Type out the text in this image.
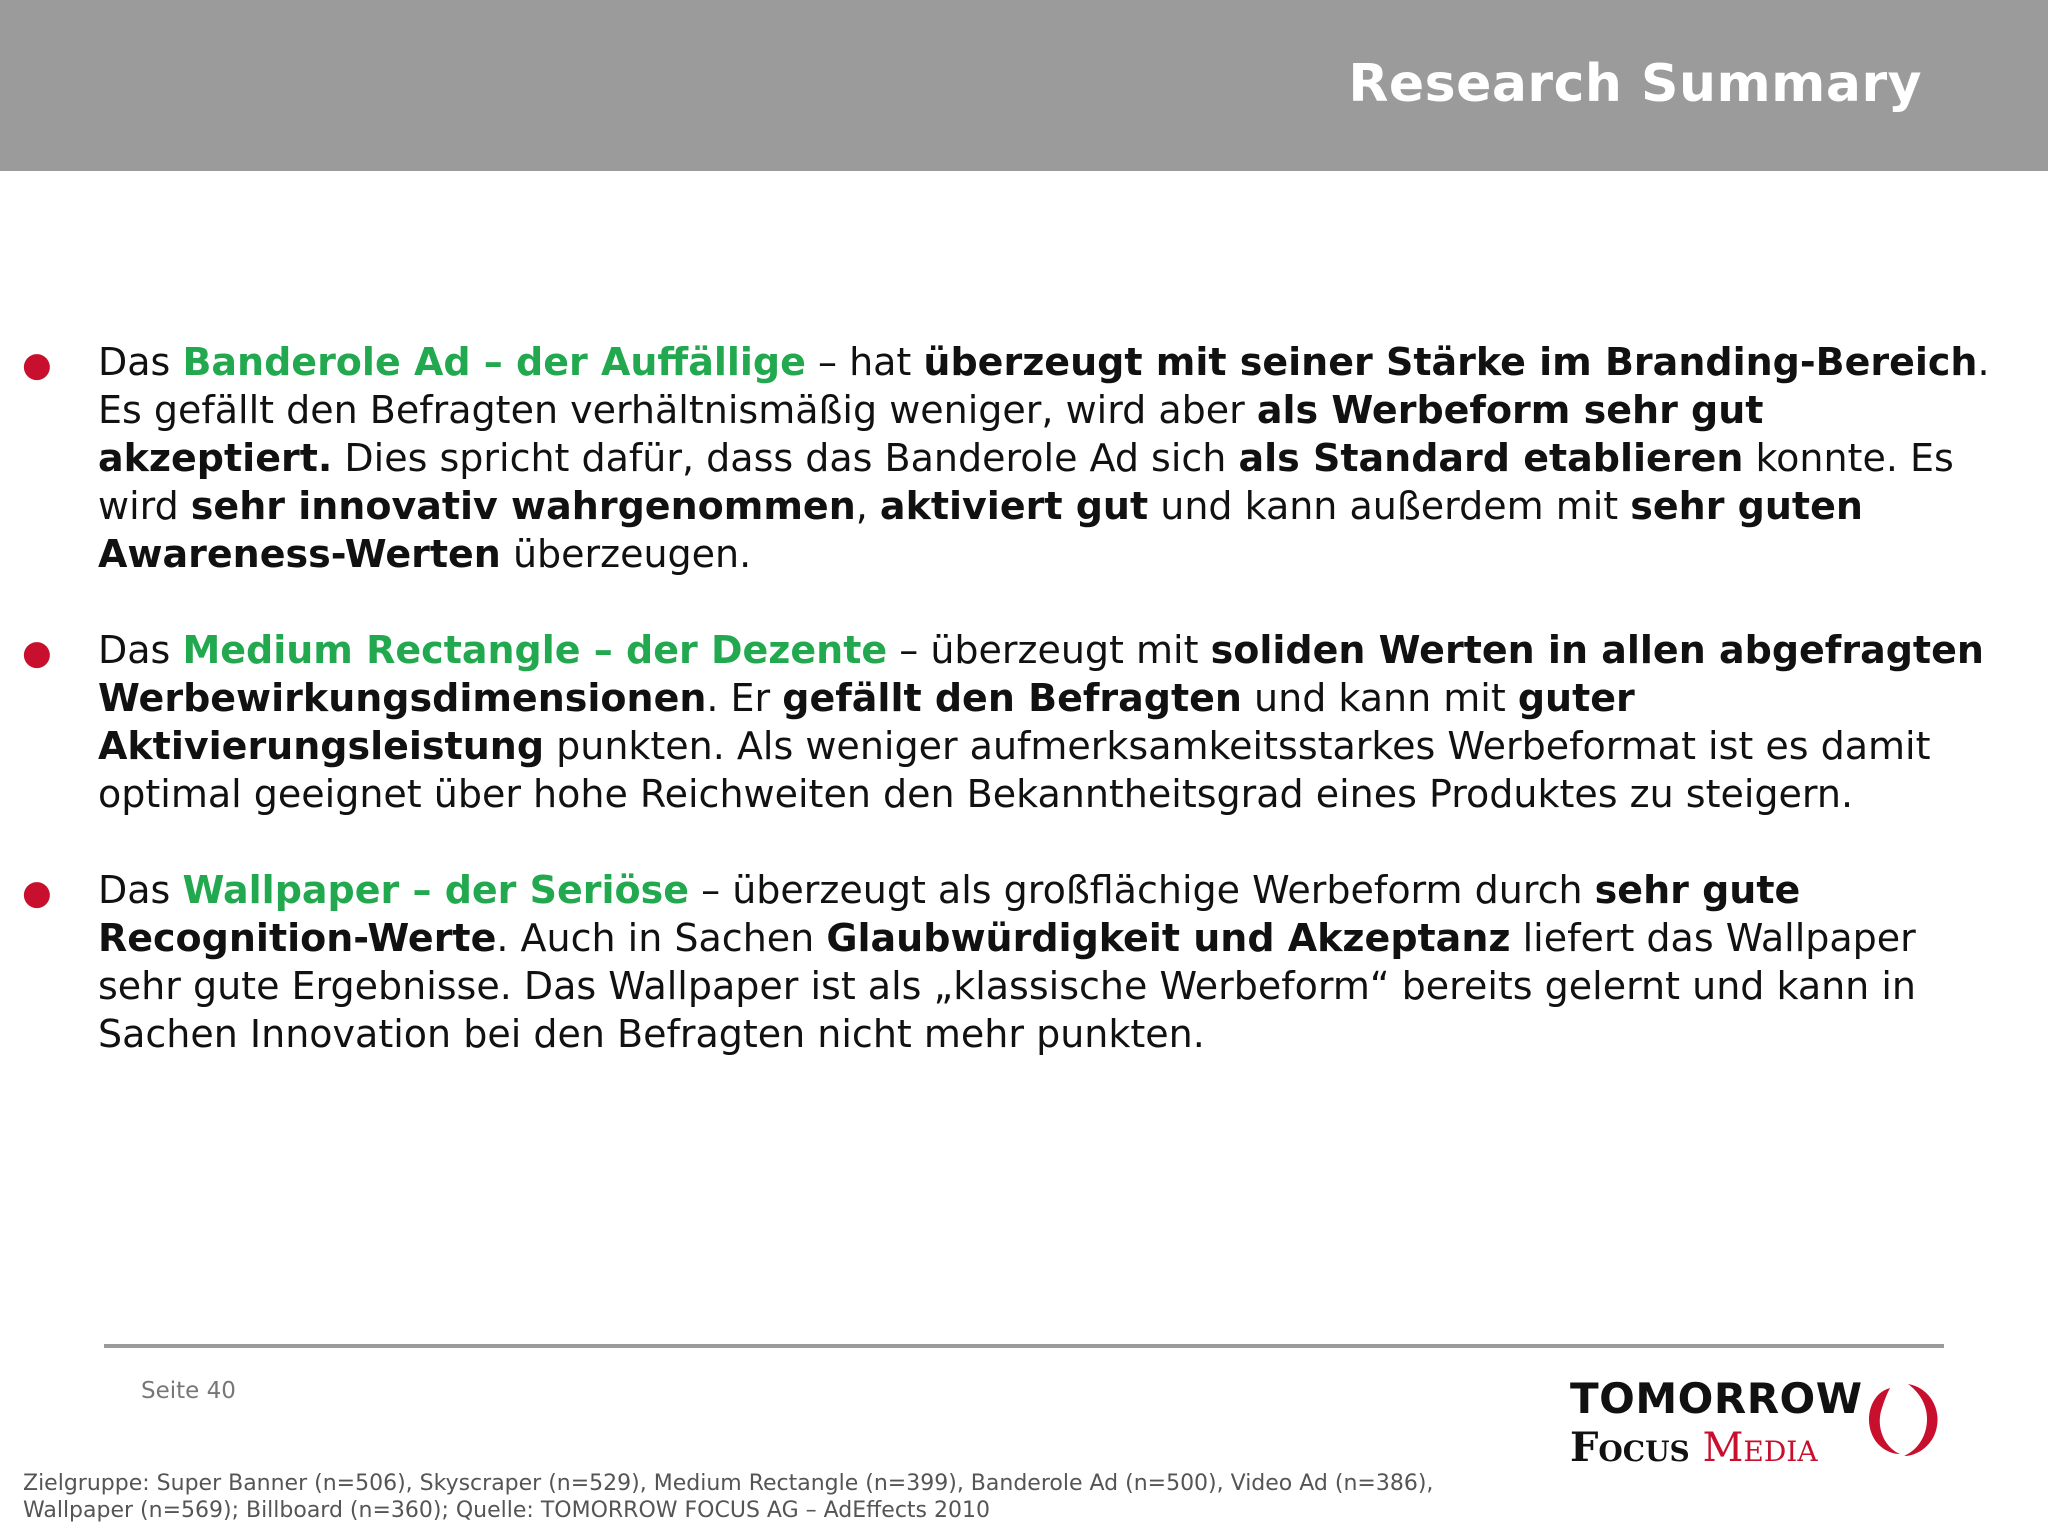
Research Summary
● Das Banderole Ad – der Auffällige – hat überzeugt mit seiner Stärke im Branding-Bereich. Es gefällt den Befragten verhältnismäßig weniger, wird aber als Werbeform sehr gut akzeptiert. Dies spricht dafür, dass das Banderole Ad sich als Standard etablieren konnte. Es wird sehr innovativ wahrgenommen, aktiviert gut und kann außerdem mit sehr guten Awareness-Werten überzeugen.
● Das Medium Rectangle – der Dezente – überzeugt mit soliden Werten in allen abgefragten Werbewirkungsdimensionen. Er gefällt den Befragten und kann mit guter Aktivierungsleistung punkten. Als weniger aufmerksamkeitsstarkes Werbeformat ist es damit optimal geeignet über hohe Reichweiten den Bekanntheitsgrad eines Produktes zu steigern.
● Das Wallpaper – der Seriöse – überzeugt als großflächige Werbeform durch sehr gute Recognition-Werte. Auch in Sachen Glaubwürdigkeit und Akzeptanz liefert das Wallpaper sehr gute Ergebnisse. Das Wallpaper ist als „klassische Werbeform“ bereits gelernt und kann in Sachen Innovation bei den Befragten nicht mehr punkten.
Seite 40	TOMORROW
Focus Media
Zielgruppe: Super Banner (n=506), Skyscraper (n=529), Medium Rectangle (n=399), Banderole Ad (n=500), Video Ad (n=386),
Wallpaper (n=569); Billboard (n=360); Quelle: TOMORROW FOCUS AG – AdEffects 2010
